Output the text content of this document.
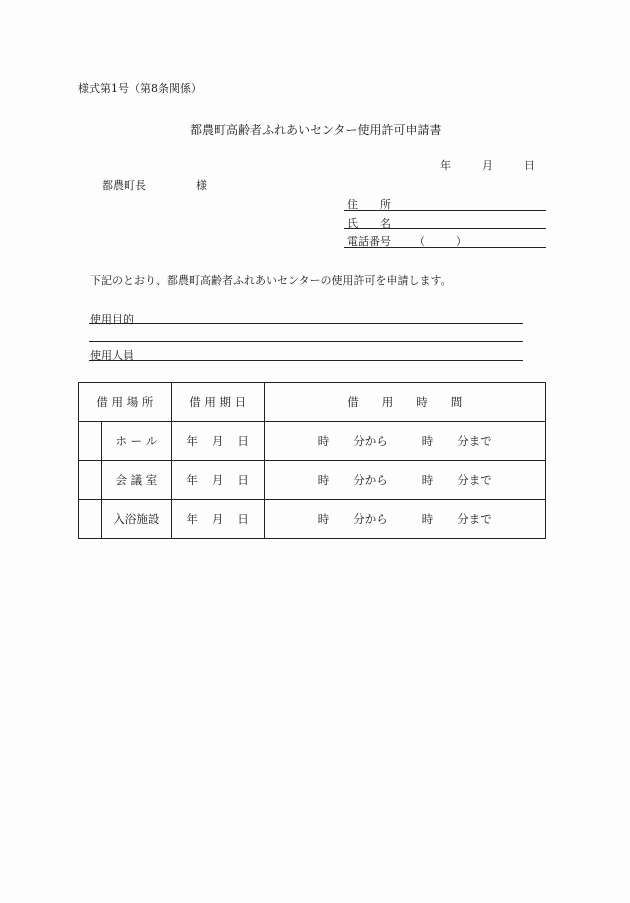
様式第1号（第8条関係）
都農町高齢者ふれあいセンター使用許可申請書
年	月	日
都農町長	様
住　　所
氏　　名
電話番号 （	）
下記のとおり、都農町高齢者ふれあいセンターの使用許可を申請します。
使用目的
使用人員
借 用 場 所		借 用 期 日	借　　用　　時　　間
	ホ ー ル	年 月 日	時 分から 時 分まで
	会 議 室	年 月 日	時 分から 時 分まで
	入浴施設	年 月 日	時 分から 時 分まで
